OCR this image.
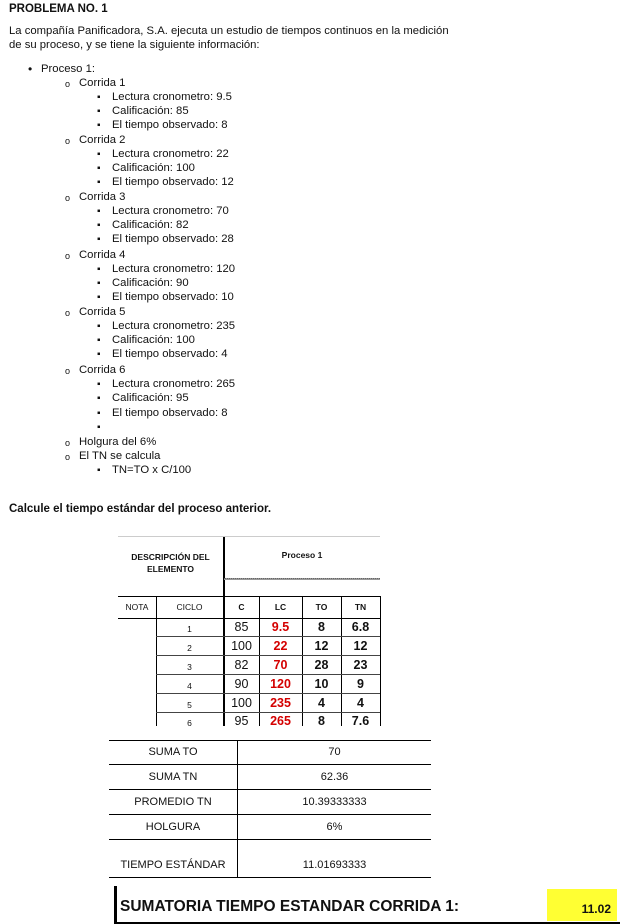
PROBLEMA NO. 1
La compañía Panificadora, S.A. ejecuta un estudio de tiempos continuos en la medición
de su proceso, y se tiene la siguiente información:
• Proceso 1:
o Corrida 1
▪ Lectura cronometro: 9.5
▪ Calificación: 85
▪ El tiempo observado: 8
o Corrida 2
▪ Lectura cronometro: 22
▪ Calificación: 100
▪ El tiempo observado: 12
o Corrida 3
▪ Lectura cronometro: 70
▪ Calificación: 82
▪ El tiempo observado: 28
o Corrida 4
▪ Lectura cronometro: 120
▪ Calificación: 90
▪ El tiempo observado: 10
o Corrida 5
▪ Lectura cronometro: 235
▪ Calificación: 100
▪ El tiempo observado: 4
o Corrida 6
▪ Lectura cronometro: 265
▪ Calificación: 95
▪ El tiempo observado: 8
o Holgura del 6%
o El TN se calcula
▪ TN=TO x C/100
Calcule el tiempo estándar del proceso anterior.
DESCRIPCIÓN DEL
ELEMENTO
Proceso 1
NOTA	CICLO	C	LC	TO	TN
1	85	9.5	8	6.8
2	100	22	12	12
3	82	70	28	23
4	90	120	10	9
5	100	235	4	4
6	95	265	8	7.6
SUMA TO	70
SUMA TN	62.36
PROMEDIO TN	10.39333333
HOLGURA	6%
TIEMPO ESTÁNDAR	11.01693333
SUMATORIA TIEMPO ESTANDAR CORRIDA 1:	11.02
